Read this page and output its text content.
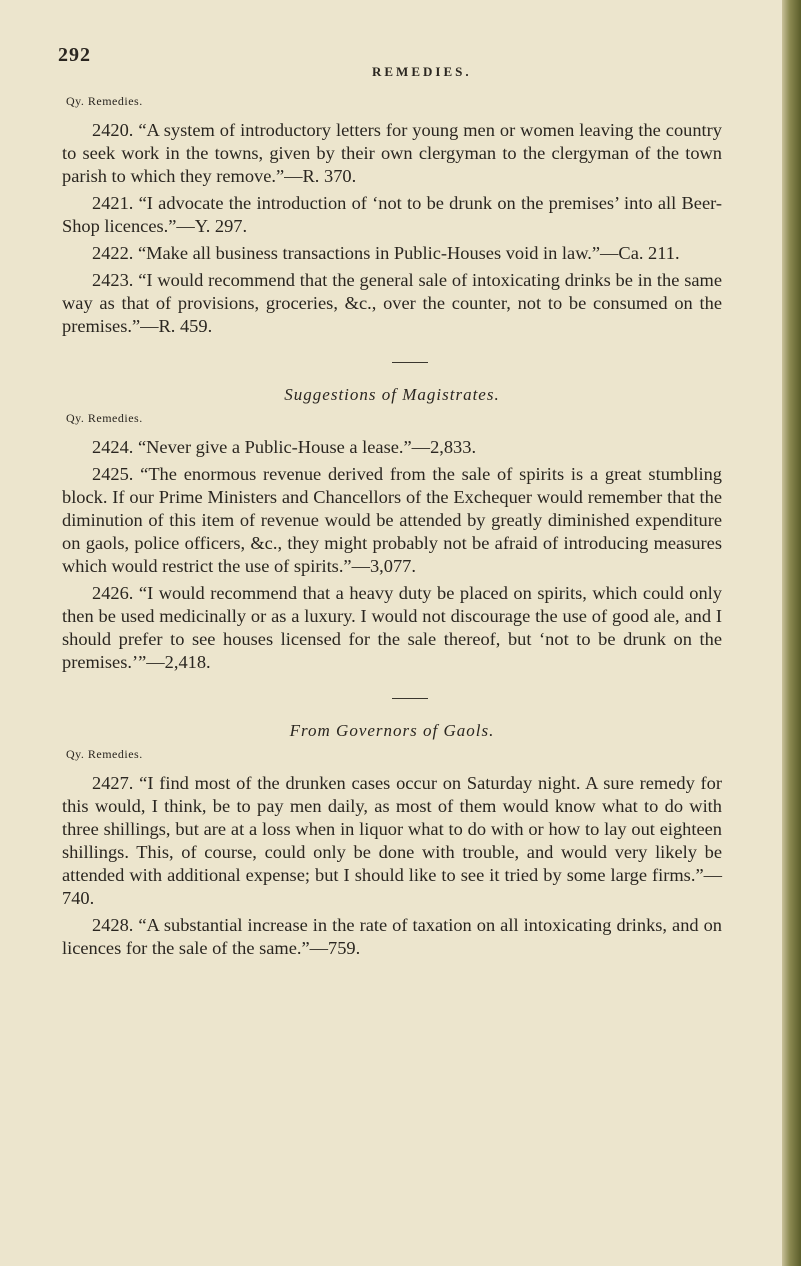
292
REMEDIES.
Qy. Remedies.

2420. “A system of introductory letters for young men or women leaving the country to seek work in the towns, given by their own clergyman to the clergyman of the town parish to which they remove.”—R. 370.

2421. “I advocate the introduction of ‘not to be drunk on the premises’ into all Beer-Shop licences.”—Y. 297.

2422. “Make all business transactions in Public-Houses void in law.”—Ca. 211.

2423. “I would recommend that the general sale of intoxicating drinks be in the same way as that of provisions, groceries, &c., over the counter, not to be consumed on the premises.”—R. 459.

Suggestions of Magistrates.
Qy. Remedies.

2424. “Never give a Public-House a lease.”—2,833.

2425. “The enormous revenue derived from the sale of spirits is a great stumbling block. If our Prime Ministers and Chancellors of the Exchequer would remember that the diminution of this item of revenue would be attended by greatly diminished expenditure on gaols, police officers, &c., they might probably not be afraid of introducing measures which would restrict the use of spirits.”—3,077.

2426. “I would recommend that a heavy duty be placed on spirits, which could only then be used medicinally or as a luxury. I would not discourage the use of good ale, and I should prefer to see houses licensed for the sale thereof, but ‘not to be drunk on the premises.’”—2,418.

From Governors of Gaols.
Qy. Remedies.

2427. “I find most of the drunken cases occur on Saturday night. A sure remedy for this would, I think, be to pay men daily, as most of them would know what to do with three shillings, but are at a loss when in liquor what to do with or how to lay out eighteen shillings. This, of course, could only be done with trouble, and would very likely be attended with additional expense; but I should like to see it tried by some large firms.”—740.

2428. “A substantial increase in the rate of taxation on all intoxicating drinks, and on licences for the sale of the same.”—759.
